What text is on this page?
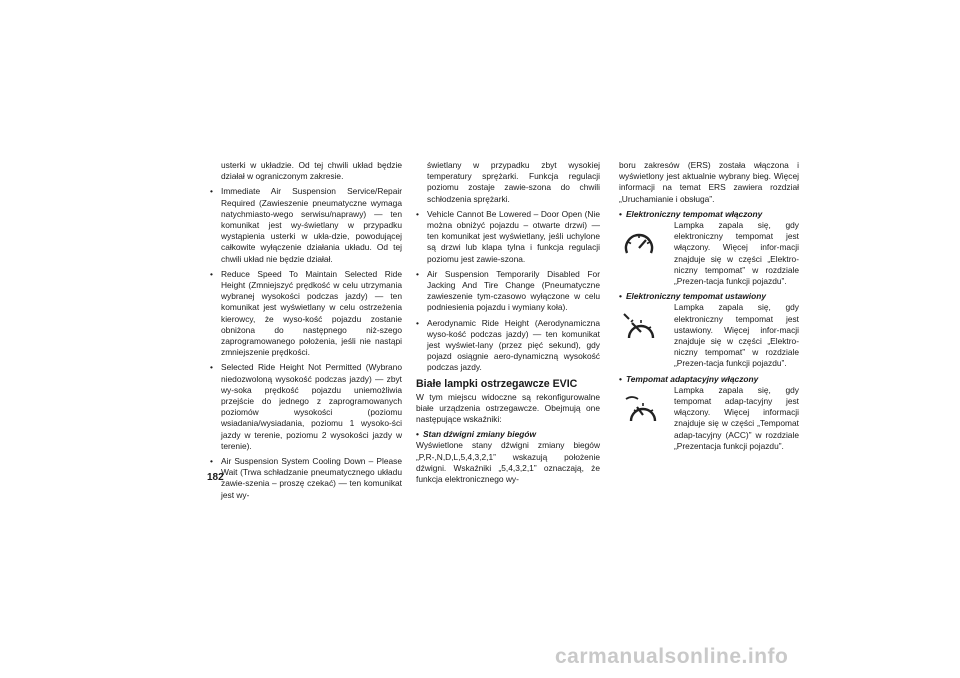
usterki w układzie. Od tej chwili układ będzie działał w ograniczonym zakresie.
• Immediate Air Suspension Service/Repair Required (Zawieszenie pneumatyczne wymaga natychmiasto-wego serwisu/naprawy) — ten komunikat jest wy-świetlany w przypadku wystąpienia usterki w ukła-dzie, powodującej całkowite wyłączenie działania układu. Od tej chwili układ nie będzie działał.
• Reduce Speed To Maintain Selected Ride Height (Zmniejszyć prędkość w celu utrzymania wybranej wysokości podczas jazdy) — ten komunikat jest wyświetlany w celu ostrzeżenia kierowcy, że wyso-kość pojazdu zostanie obniżona do następnego niż-szego zaprogramowanego położenia, jeśli nie nastąpi zmniejszenie prędkości.
• Selected Ride Height Not Permitted (Wybrano niedozwoloną wysokość podczas jazdy) — zbyt wy-soka prędkość pojazdu uniemożliwia przejście do jednego z zaprogramowanych poziomów wysokości (poziomu wsiadania/wysiadania, poziomu 1 wysoko-ści jazdy w terenie, poziomu 2 wysokości jazdy w terenie).
• Air Suspension System Cooling Down – Please Wait (Trwa schładzanie pneumatycznego układu zawie-szenia – proszę czekać) — ten komunikat jest wy-
świetlany w przypadku zbyt wysokiej temperatury sprężarki. Funkcja regulacji poziomu zostaje zawie-szona do chwili schłodzenia sprężarki.
• Vehicle Cannot Be Lowered – Door Open (Nie można obniżyć pojazdu – otwarte drzwi) — ten komunikat jest wyświetlany, jeśli uchylone są drzwi lub klapa tylna i funkcja regulacji poziomu jest zawie-szona.
• Air Suspension Temporarily Disabled For Jacking And Tire Change (Pneumatyczne zawieszenie tym-czasowo wyłączone w celu podniesienia pojazdu i wymiany koła).
• Aerodynamic Ride Height (Aerodynamiczna wyso-kość podczas jazdy) — ten komunikat jest wyświet-lany (przez pięć sekund), gdy pojazd osiągnie aero-dynamiczną wysokość podczas jazdy.
Białe lampki ostrzegawcze EVIC
W tym miejscu widoczne są rekonfigurowalne białe urządzenia ostrzegawcze. Obejmują one następujące wskaźniki:
• Stan dźwigni zmiany biegów
Wyświetlone stany dźwigni zmiany biegów „P,R-,N,D,L,5,4,3,2,1” wskazują położenie dźwigni. Wskaźniki „5,4,3,2,1” oznaczają, że funkcja elektronicznego wy-
boru zakresów (ERS) została włączona i wyświetlony jest aktualnie wybrany bieg. Więcej informacji na temat ERS zawiera rozdział „Uruchamianie i obsługa”.
• Elektroniczny tempomat włączony
Lampka zapala się, gdy elektroniczny tempomat jest włączony. Więcej infor-macji znajduje się w części „Elektro-niczny tempomat” w rozdziale „Prezen-tacja funkcji pojazdu”.
• Elektroniczny tempomat ustawiony
Lampka zapala się, gdy elektroniczny tempomat jest ustawiony. Więcej infor-macji znajduje się w części „Elektro-niczny tempomat” w rozdziale „Prezen-tacja funkcji pojazdu”.
• Tempomat adaptacyjny włączony
Lampka zapala się, gdy tempomat adap-tacyjny jest włączony. Więcej informacji znajduje się w części „Tempomat adap-tacyjny (ACC)” w rozdziale „Prezentacja funkcji pojazdu”.
182
carmanualsonline.info
